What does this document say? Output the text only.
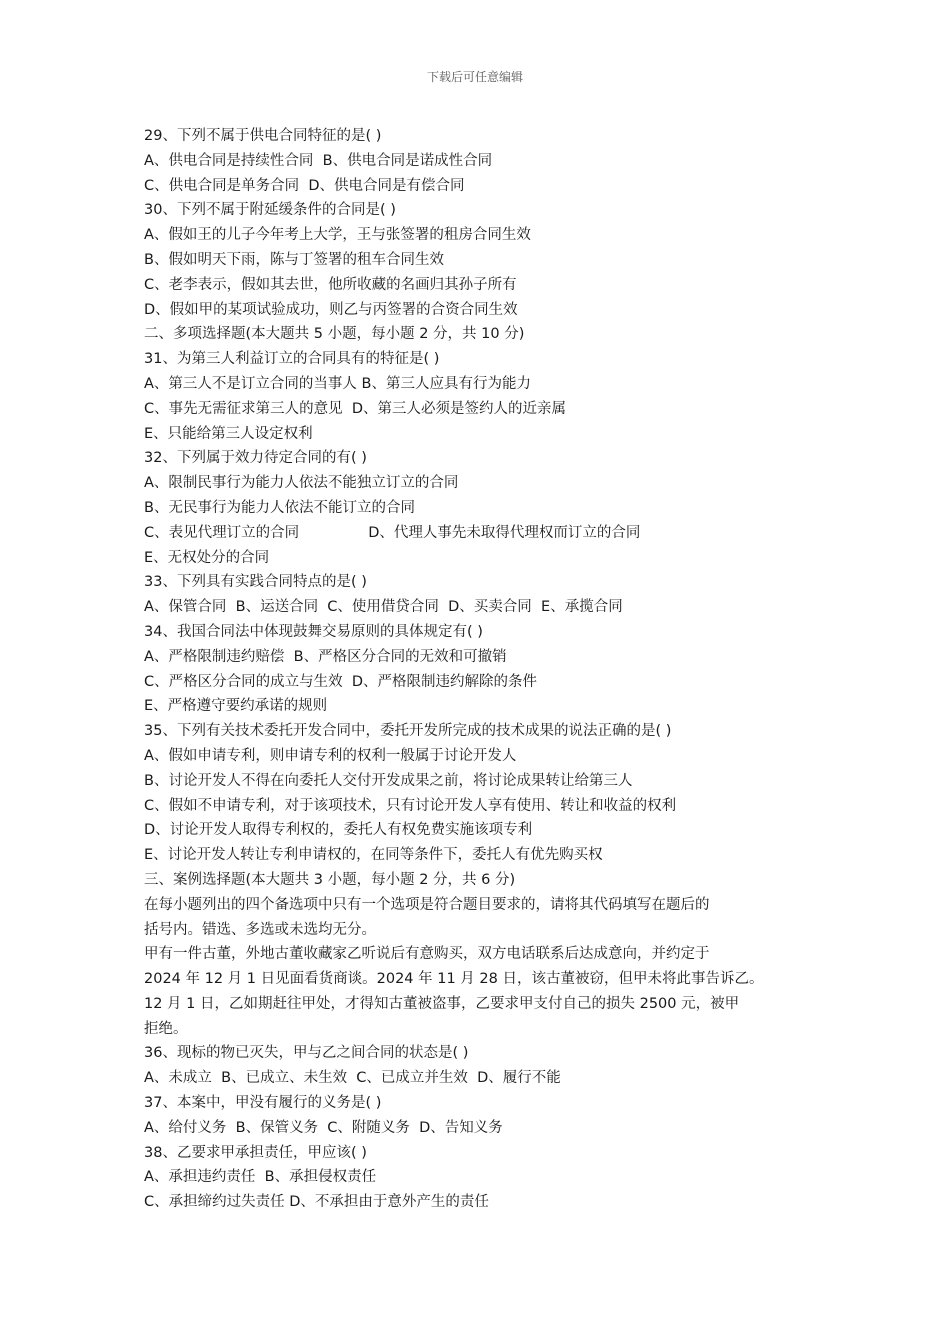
下载后可任意编辑
29、下列不属于供电合同特征的是( )
A、供电合同是持续性合同  B、供电合同是诺成性合同
C、供电合同是单务合同  D、供电合同是有偿合同
30、下列不属于附延缓条件的合同是( )
A、假如王的儿子今年考上大学，王与张签署的租房合同生效
B、假如明天下雨，陈与丁签署的租车合同生效
C、老李表示，假如其去世，他所收藏的名画归其孙子所有
D、假如甲的某项试验成功，则乙与丙签署的合资合同生效
二、多项选择题(本大题共 5 小题，每小题 2 分，共 10 分)
31、为第三人利益订立的合同具有的特征是( )
A、第三人不是订立合同的当事人 B、第三人应具有行为能力
C、事先无需征求第三人的意见  D、第三人必须是签约人的近亲属
E、只能给第三人设定权利
32、下列属于效力待定合同的有( )
A、限制民事行为能力人依法不能独立订立的合同
B、无民事行为能力人依法不能订立的合同
C、表见代理订立的合同               D、代理人事先未取得代理权而订立的合同
E、无权处分的合同
33、下列具有实践合同特点的是( )
A、保管合同  B、运送合同  C、使用借贷合同  D、买卖合同  E、承揽合同
34、我国合同法中体现鼓舞交易原则的具体规定有( )
A、严格限制违约赔偿  B、严格区分合同的无效和可撤销
C、严格区分合同的成立与生效  D、严格限制违约解除的条件
E、严格遵守要约承诺的规则
35、下列有关技术委托开发合同中，委托开发所完成的技术成果的说法正确的是( )
A、假如申请专利，则申请专利的权利一般属于讨论开发人
B、讨论开发人不得在向委托人交付开发成果之前，将讨论成果转让给第三人
C、假如不申请专利，对于该项技术，只有讨论开发人享有使用、转让和收益的权利
D、讨论开发人取得专利权的，委托人有权免费实施该项专利
E、讨论开发人转让专利申请权的，在同等条件下，委托人有优先购买权
三、案例选择题(本大题共 3 小题，每小题 2 分，共 6 分)
在每小题列出的四个备选项中只有一个选项是符合题目要求的，请将其代码填写在题后的
括号内。错选、多选或未选均无分。
甲有一件古董，外地古董收藏家乙听说后有意购买，双方电话联系后达成意向，并约定于
2024 年 12 月 1 日见面看货商谈。2024 年 11 月 28 日，该古董被窃，但甲未将此事告诉乙。
12 月 1 日，乙如期赶往甲处，才得知古董被盗事，乙要求甲支付自己的损失 2500 元，被甲
拒绝。
36、现标的物已灭失，甲与乙之间合同的状态是( )
A、未成立  B、已成立、未生效  C、已成立并生效  D、履行不能
37、本案中，甲没有履行的义务是( )
A、给付义务  B、保管义务  C、附随义务  D、告知义务
38、乙要求甲承担责任，甲应该( )
A、承担违约责任  B、承担侵权责任
C、承担缔约过失责任 D、不承担由于意外产生的责任
